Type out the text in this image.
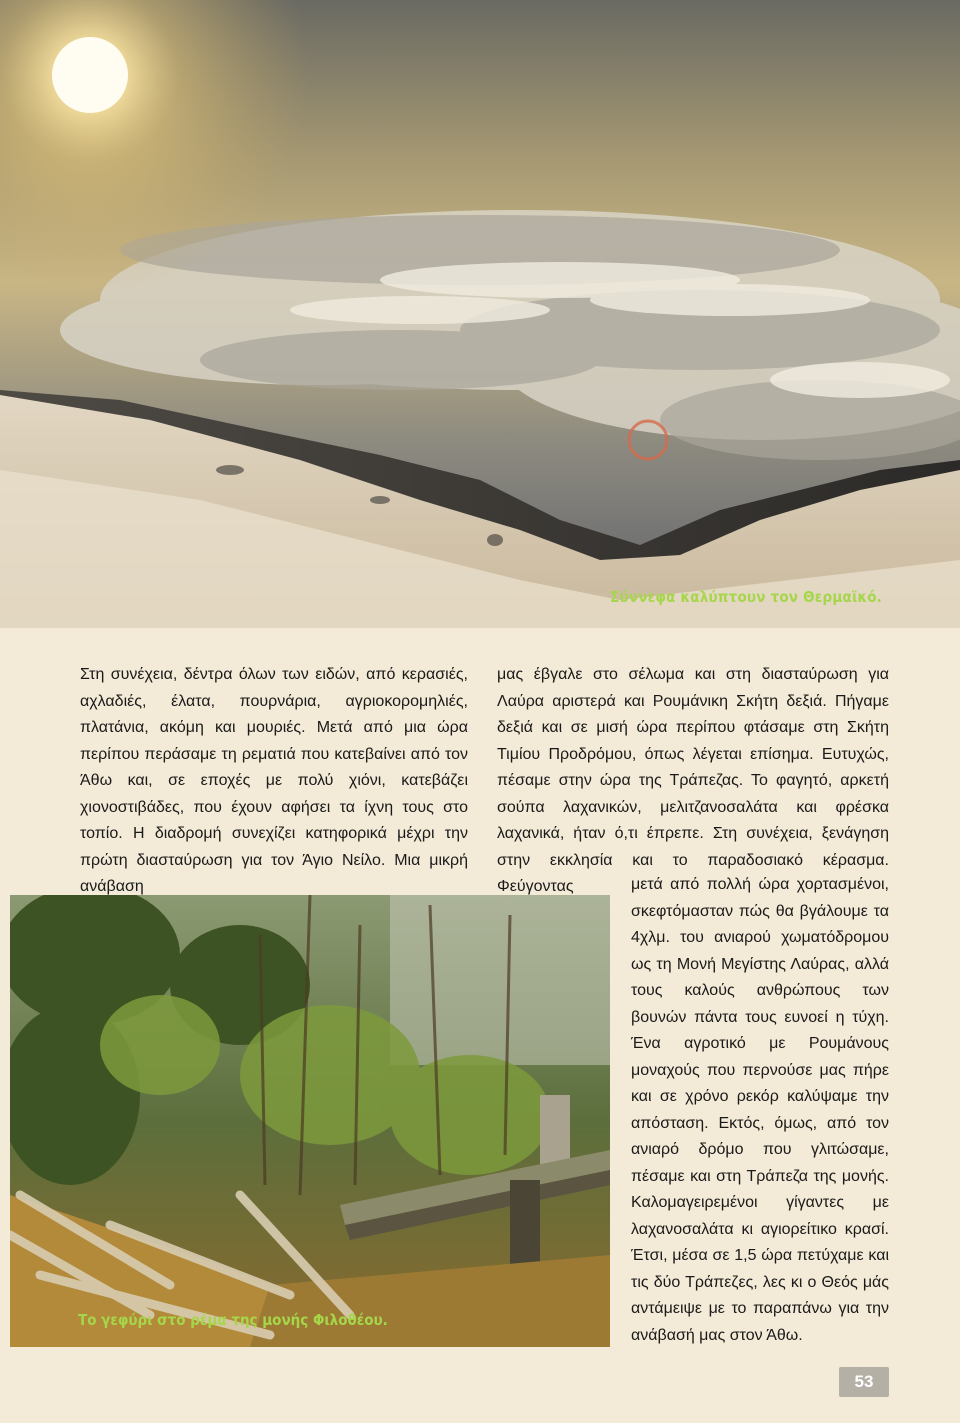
Σύννεφα καλύπτουν τον Θερμαϊκό.

Στη συνέχεια, δέντρα όλων των ειδών, από κερασιές, αχλαδιές, έλατα, πουρνάρια, αγριοκορομηλιές, πλατάνια, ακόμη και μουριές. Μετά από μια ώρα περίπου περάσαμε τη ρεματιά που κατεβαίνει από τον Άθω και, σε εποχές με πολύ χιόνι, κατεβάζει χιονοστιβάδες, που έχουν αφήσει τα ίχνη τους στο τοπίο. Η διαδρομή συνεχίζει κατηφορικά μέχρι την πρώτη διασταύρωση για τον Άγιο Νείλο. Μια μικρή ανάβαση

μας έβγαλε στο σέλωμα και στη διασταύρωση για Λαύρα αριστερά και Ρουμάνικη Σκήτη δεξιά. Πήγαμε δεξιά και σε μισή ώρα περίπου φτάσαμε στη Σκήτη Τιμίου Προδρόμου, όπως λέγεται επίσημα. Ευτυχώς, πέσαμε στην ώρα της Τράπεζας. Το φαγητό, αρκετή σούπα λαχανικών, μελιτζανοσαλάτα και φρέσκα λαχανικά, ήταν ό,τι έπρεπε. Στη συνέχεια, ξενάγηση στην εκκλησία και το παραδοσιακό κέρασμα. Φεύγοντας	μετά από πολλή ώρα χορτασμένοι, σκεφτόμασταν πώς θα βγάλουμε τα 4χλμ. του ανιαρού χωματόδρομου ως τη Μονή Μεγίστης Λαύρας, αλλά τους καλούς ανθρώπους των βουνών πάντα τους ευνοεί η τύχη. Ένα αγροτικό με Ρουμάνους μοναχούς που περνούσε μας πήρε και σε χρόνο ρεκόρ καλύψαμε την απόσταση. Εκτός, όμως, από τον ανιαρό δρόμο που γλιτώσαμε, πέσαμε και στη Τράπεζα της μονής. Καλομαγειρεμένοι γίγαντες με λαχανοσαλάτα κι αγιορείτικο κρασί. Έτσι, μέσα σε 1,5 ώρα πετύχαμε και τις δύο Τράπεζες, λες κι ο Θεός μάς αντάμειψε με το παραπάνω για την ανάβασή μας στον Άθω.

Το γεφύρι στο ρέμα της μονής Φιλοθέου.
53
